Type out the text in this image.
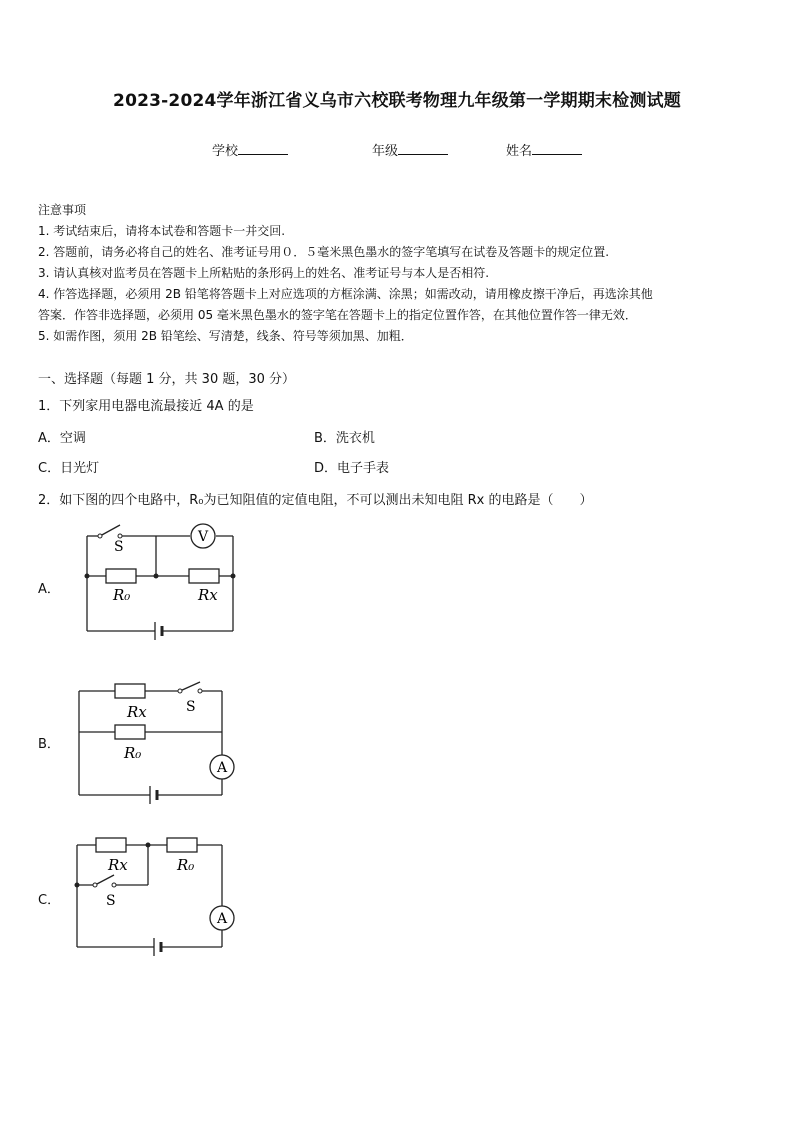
2023-2024学年浙江省义乌市六校联考物理九年级第一学期期末检测试题
学校	年级	姓名
注意事项
1. 考试结束后，请将本试卷和答题卡一并交回.
2. 答题前，请务必将自己的姓名、准考证号用０．５毫米黑色墨水的签字笔填写在试卷及答题卡的规定位置.
3. 请认真核对监考员在答题卡上所粘贴的条形码上的姓名、准考证号与本人是否相符.
4. 作答选择题，必须用 2B 铅笔将答题卡上对应选项的方框涂满、涂黑；如需改动，请用橡皮擦干净后，再选涂其他
答案．作答非选择题，必须用 05 毫米黑色墨水的签字笔在答题卡上的指定位置作答，在其他位置作答一律无效．
5. 如需作图，须用 2B 铅笔绘、写清楚，线条、符号等须加黑、加粗．
一、选择题（每题 1 分，共 30 题，30 分）
1．下列家用电器电流最接近 4A 的是
A．空调	B．洗衣机
C．日光灯	D．电子手表
2．如下图的四个电路中，R₀为已知阻值的定值电阻，不可以测出未知电阻 Rx 的电路是（　　）
A．
V
S
R₀	Rx
B．
A
Rx	S
R₀
C．
A
Rx	R₀
S
